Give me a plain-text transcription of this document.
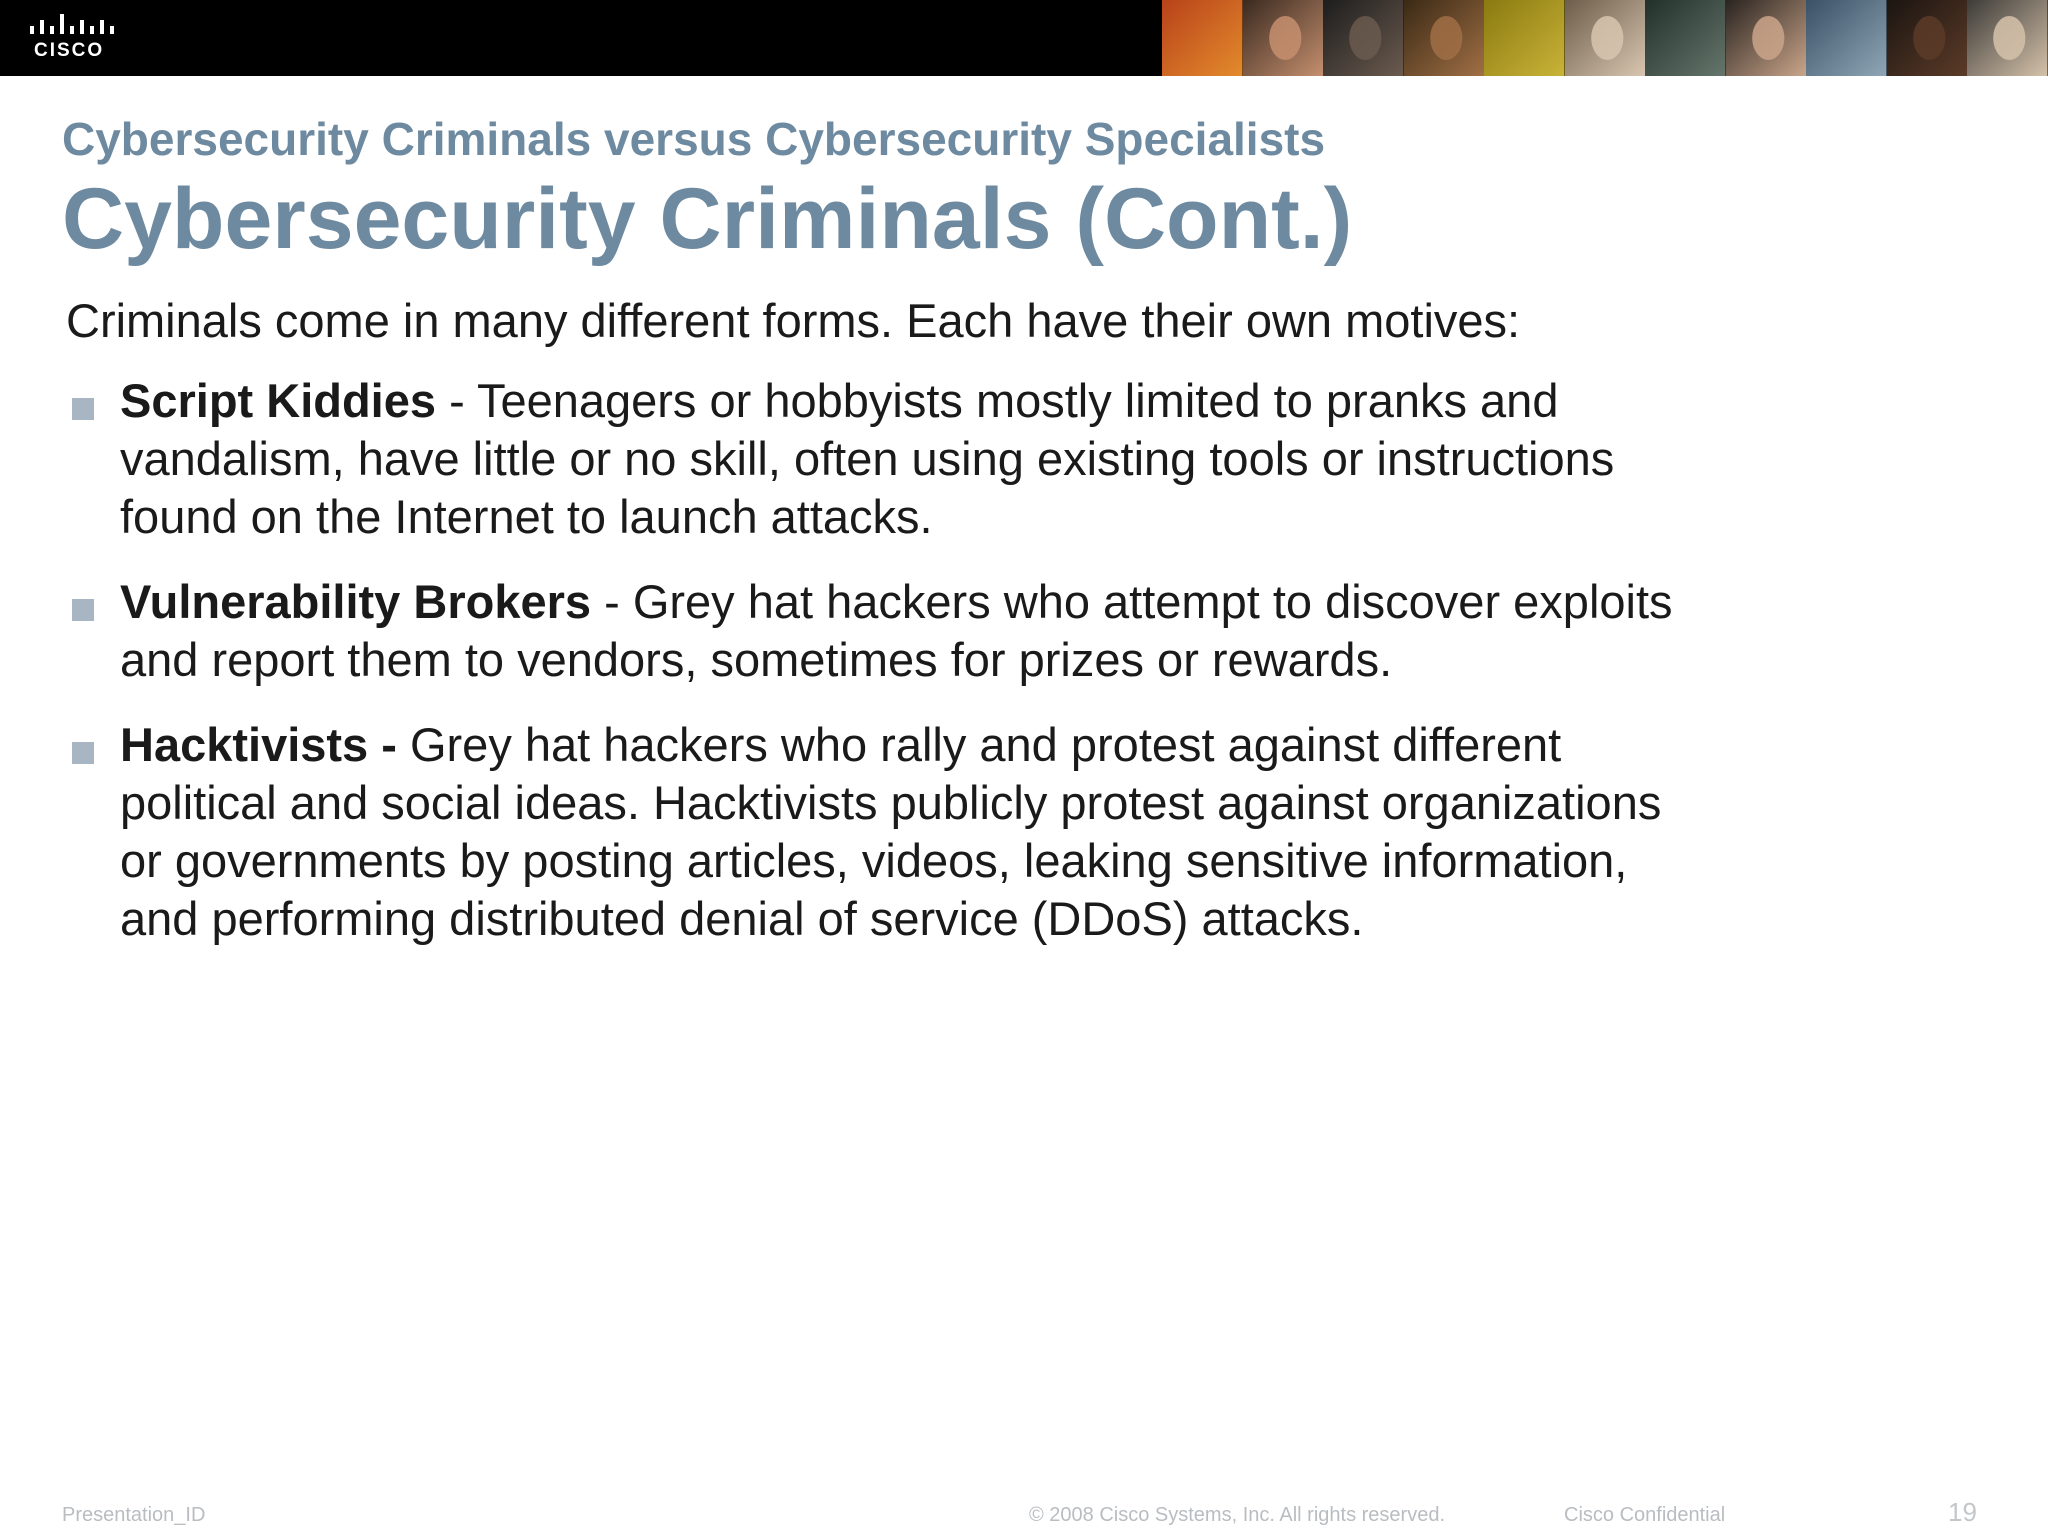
CISCO
Cybersecurity Criminals versus Cybersecurity Specialists
Cybersecurity Criminals (Cont.)
Criminals come in many different forms. Each have their own motives:
Script Kiddies - Teenagers or hobbyists mostly limited to pranks and vandalism, have little or no skill, often using existing tools or instructions found on the Internet to launch attacks.
Vulnerability Brokers - Grey hat hackers who attempt to discover exploits and report them to vendors, sometimes for prizes or rewards.
Hacktivists - Grey hat hackers who rally and protest against different political and social ideas. Hacktivists publicly protest against organizations or governments by posting articles, videos, leaking sensitive information, and performing distributed denial of service (DDoS) attacks.
Presentation_ID	© 2008 Cisco Systems, Inc. All rights reserved.	Cisco Confidential	19
